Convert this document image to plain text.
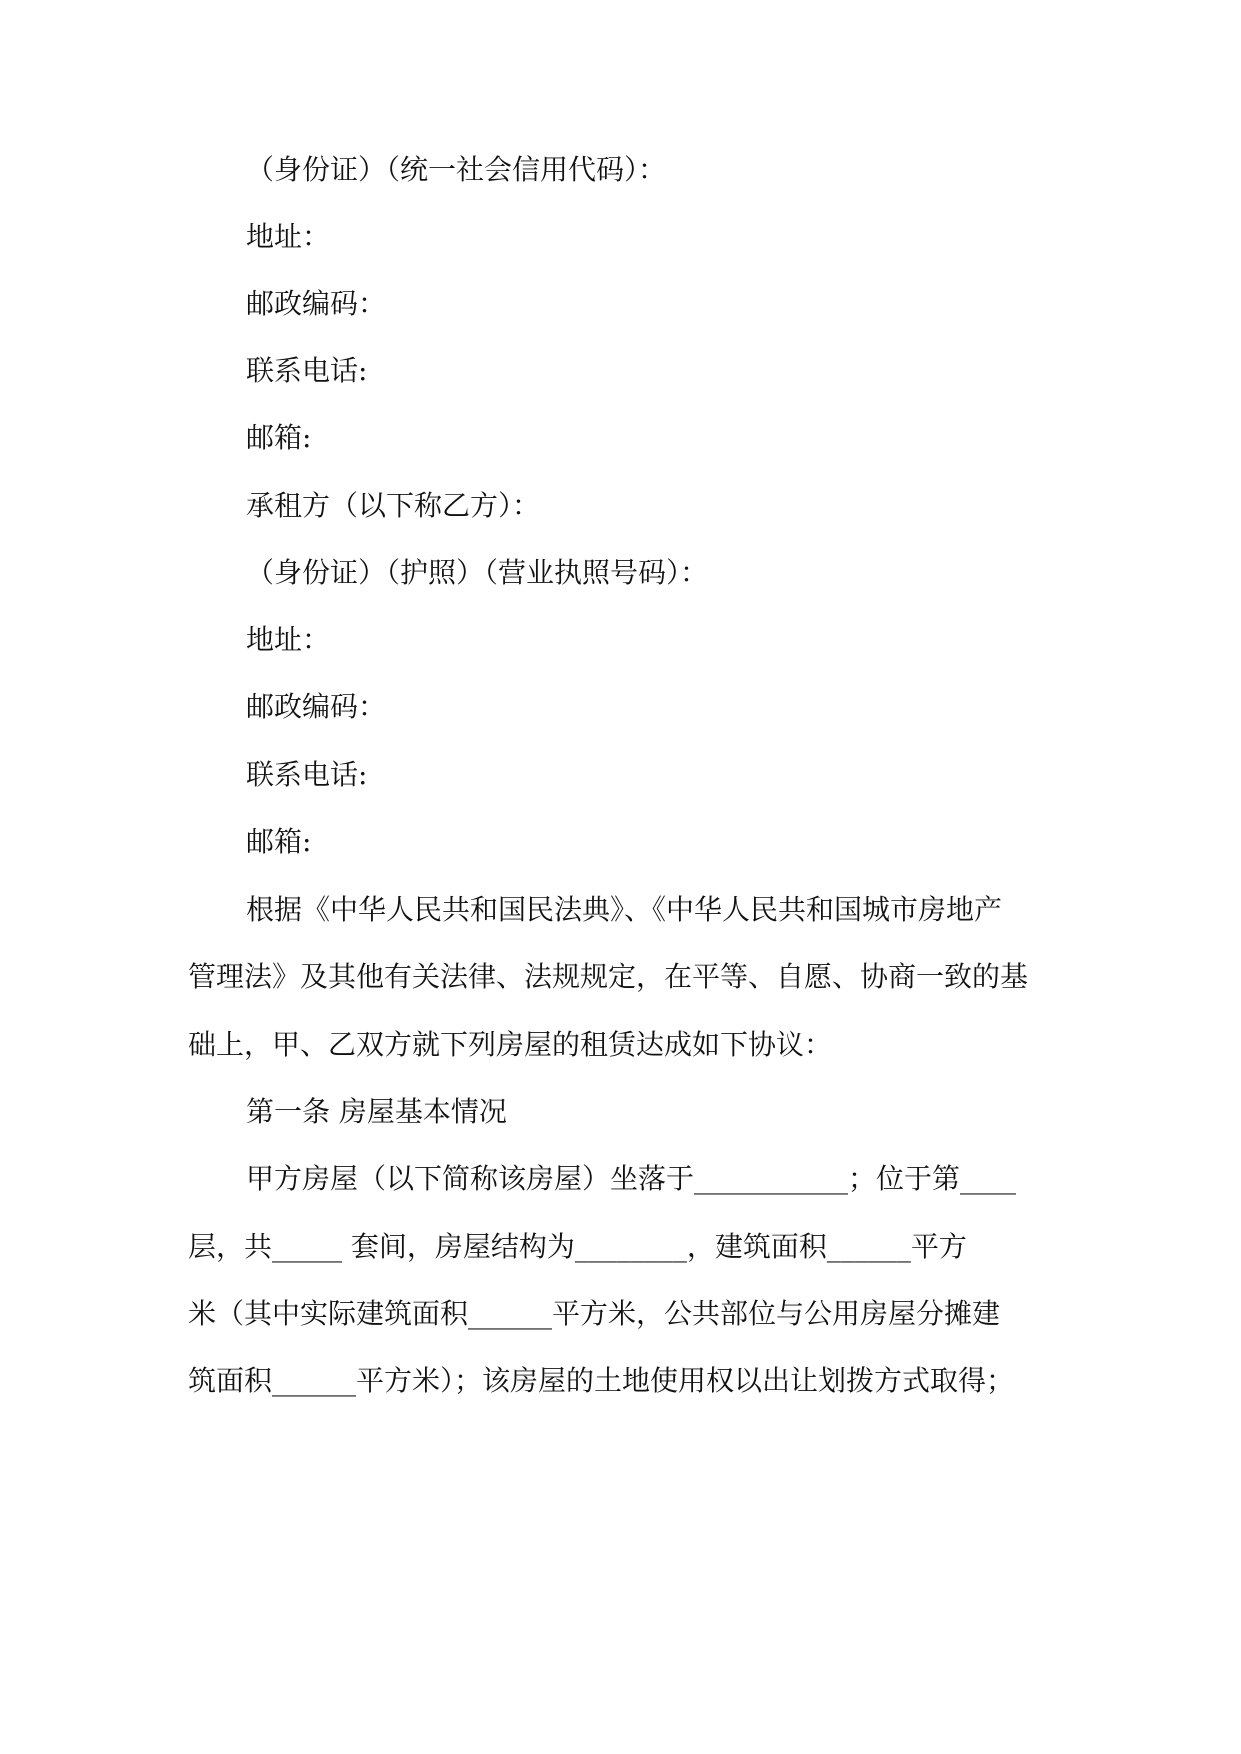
（身份证）（统一社会信用代码）：
地址：
邮政编码：
联系电话:
邮箱:
承租方（以下称乙方）：
（身份证）（护照）（营业执照号码）：
地址：
邮政编码：
联系电话:
邮箱:
根据《中华人民共和国民法典》、《中华人民共和国城市房地产
管理法》及其他有关法律、法规规定，在平等、自愿、协商一致的基
础上，甲、乙双方就下列房屋的租赁达成如下协议：
第一条 房屋基本情况
甲方房屋（以下简称该房屋）坐落于___________；位于第____
层，共_____ 套间，房屋结构为________，建筑面积______平方
米（其中实际建筑面积______平方米，公共部位与公用房屋分摊建
筑面积______平方米）；该房屋的土地使用权以出让划拨方式取得；
